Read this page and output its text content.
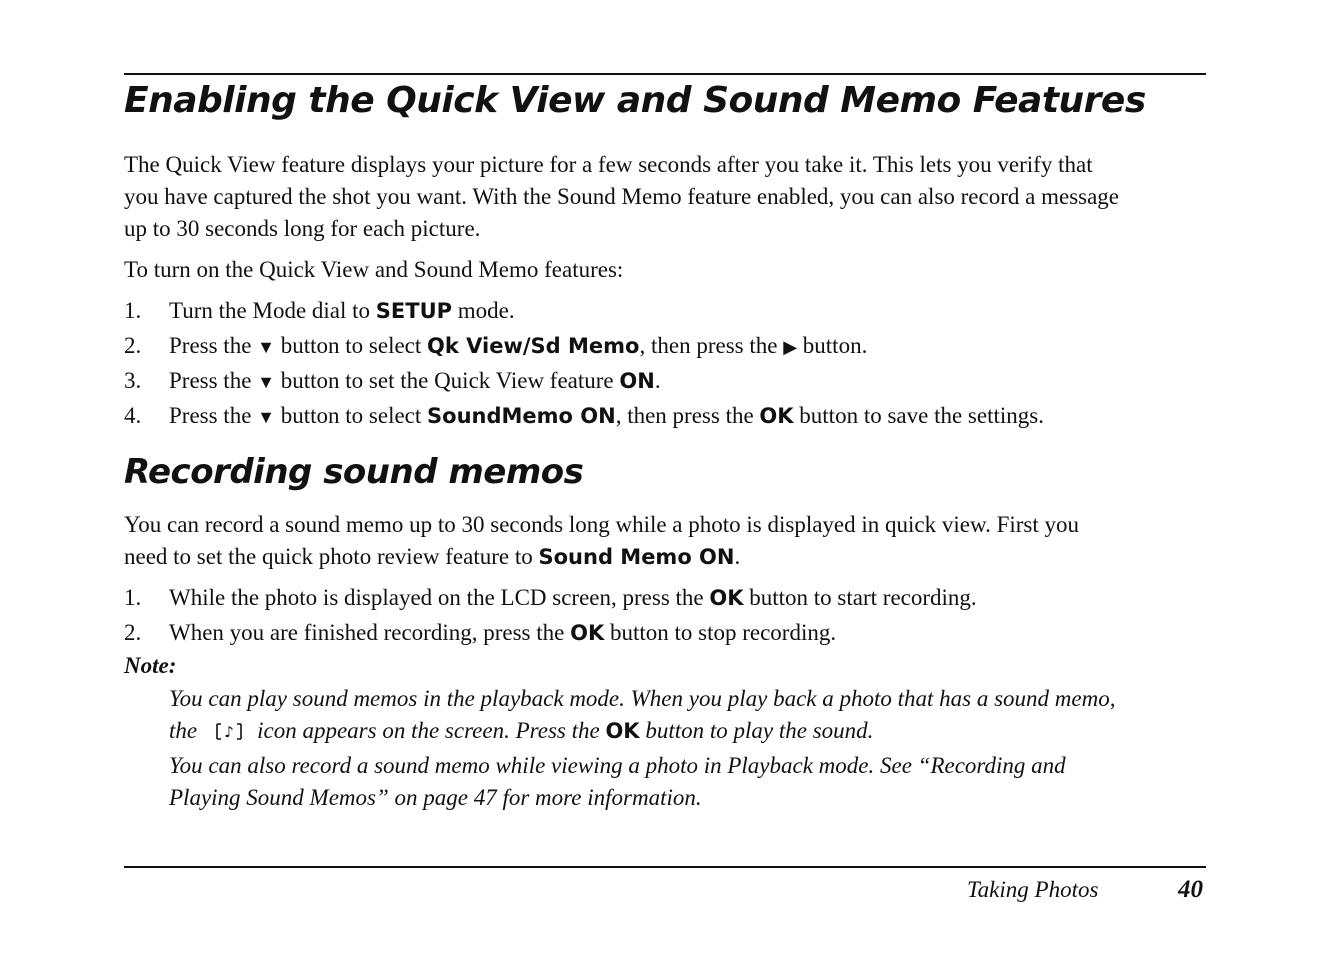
Enabling the Quick View and Sound Memo Features

The Quick View feature displays your picture for a few seconds after you take it. This lets you verify that
you have captured the shot you want. With the Sound Memo feature enabled, you can also record a message
up to 30 seconds long for each picture.

To turn on the Quick View and Sound Memo features:

1. Turn the Mode dial to SETUP mode.
2. Press the ▼ button to select Qk View/Sd Memo, then press the ▶ button.
3. Press the ▼ button to set the Quick View feature ON.
4. Press the ▼ button to select SoundMemo ON, then press the OK button to save the settings.
Recording sound memos

You can record a sound memo up to 30 seconds long while a photo is displayed in quick view. First you
need to set the quick photo review feature to Sound Memo ON.

1. While the photo is displayed on the LCD screen, press the OK button to start recording.
2. When you are finished recording, press the OK button to stop recording.
Note:

You can play sound memos in the playback mode. When you play back a photo that has a sound memo,
the ♪ icon appears on the screen. Press the OK button to play the sound.

You can also record a sound memo while viewing a photo in Playback mode. See “Recording and
Playing Sound Memos” on page 47 for more information.

Taking Photos	40
